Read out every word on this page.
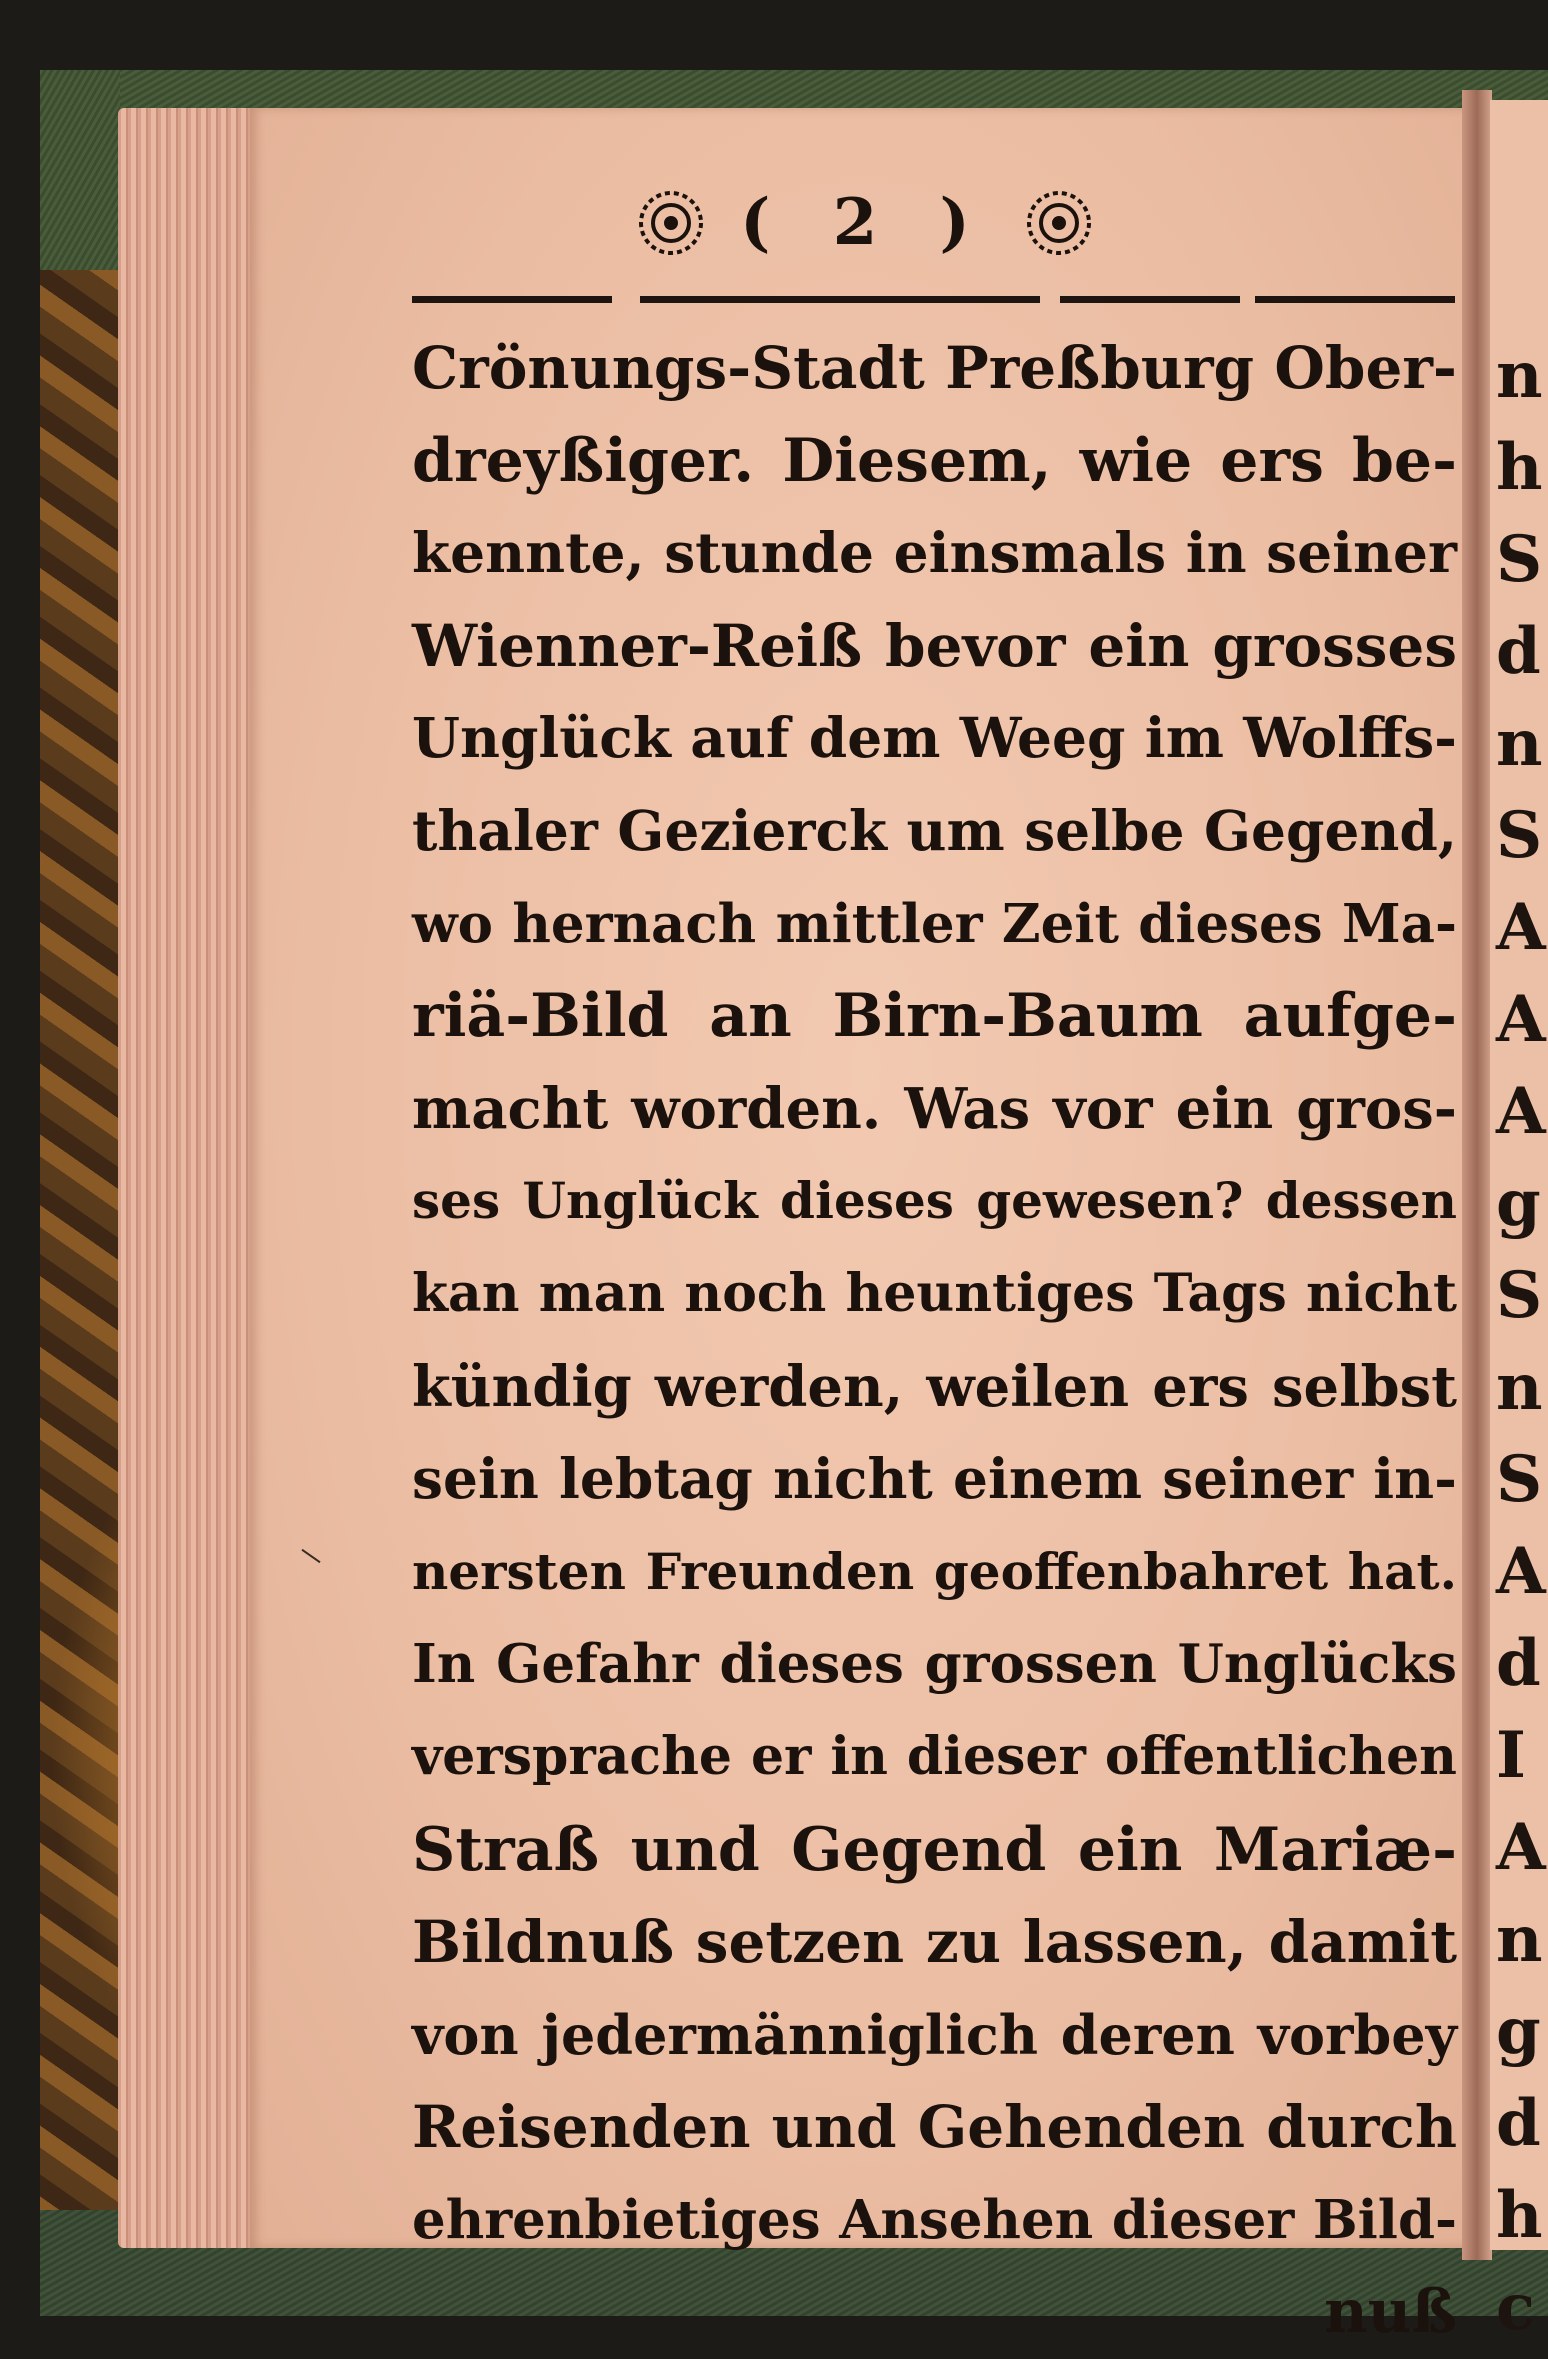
n
h
S
d
n
S
A
A
A
g
S
n
S
A
d
I
A
n
g
d
h
c
( 2 )
Crönungs-Stadt Preßburg Ober-
dreyßiger. Diesem, wie ers be-
kennte, stunde einsmals in seiner
Wienner-Reiß bevor ein grosses
Unglück auf dem Weeg im Wolffs-
thaler Gezierck um selbe Gegend,
wo hernach mittler Zeit dieses Ma-
riä-Bild an Birn-Baum aufge-
macht worden. Was vor ein gros-
ses Unglück dieses gewesen? dessen
kan man noch heuntiges Tags nicht
kündig werden, weilen ers selbst
sein lebtag nicht einem seiner in-
nersten Freunden geoffenbahret hat.
In Gefahr dieses grossen Unglücks
versprache er in dieser offentlichen
Straß und Gegend ein Mariæ-
Bildnuß setzen zu lassen, damit
von jedermänniglich deren vorbey
Reisenden und Gehenden durch
ehrenbietiges Ansehen dieser Bild-
nuß
